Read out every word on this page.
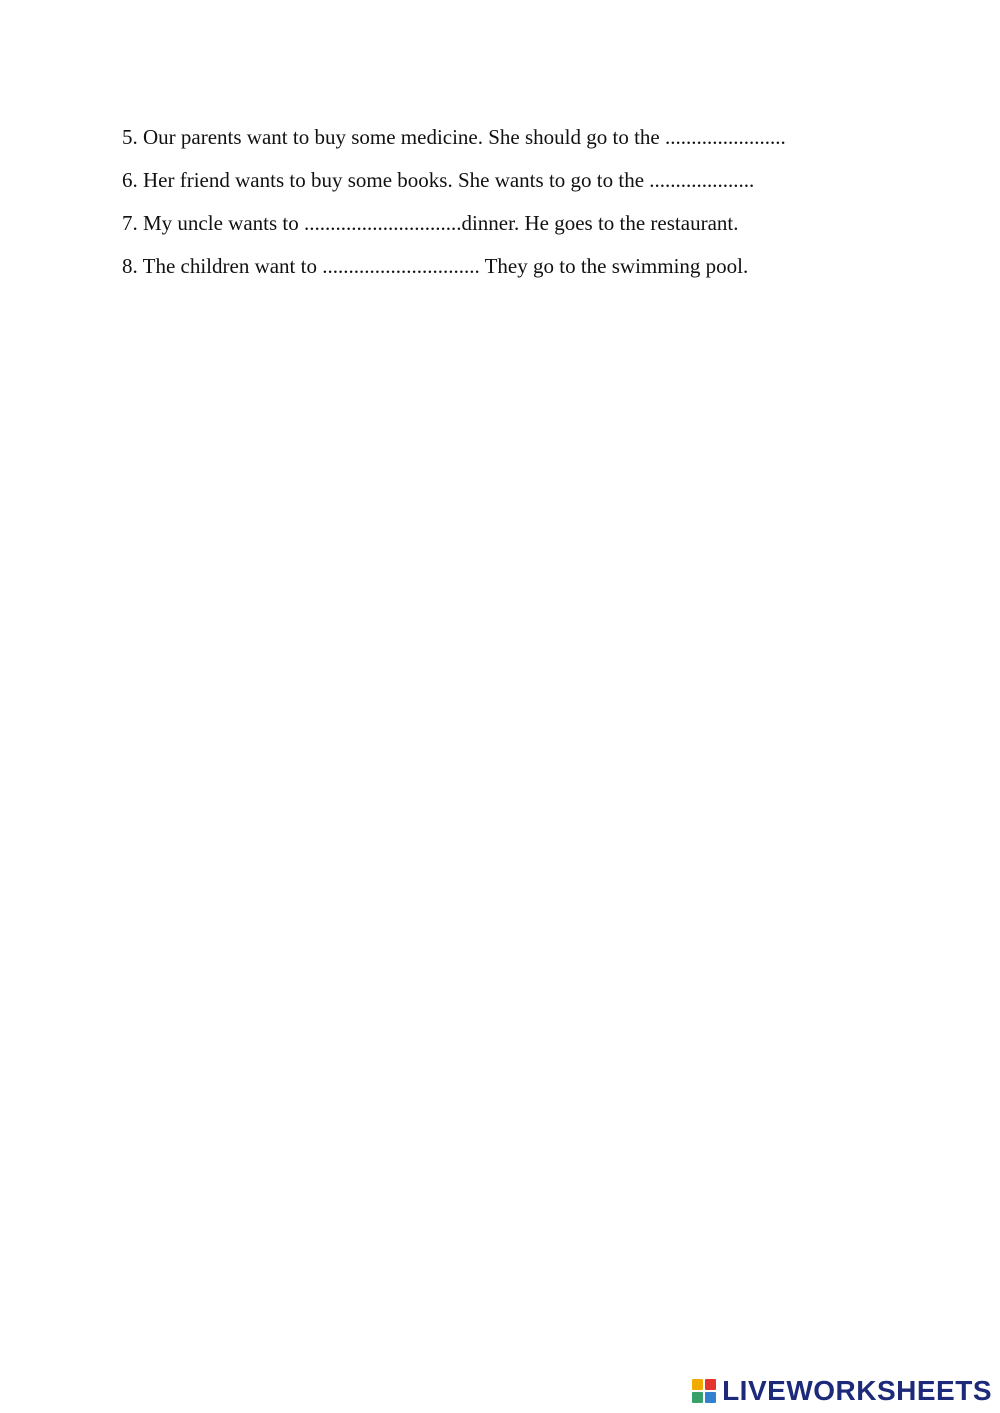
5. Our parents want to buy some medicine. She should go to the .......................
6. Her friend wants to buy some books. She wants to go to the ....................
7. My uncle wants to ..............................dinner. He goes to the restaurant.
8. The children want to .............................. They go to the swimming pool.
LIVEWORKSHEETS
